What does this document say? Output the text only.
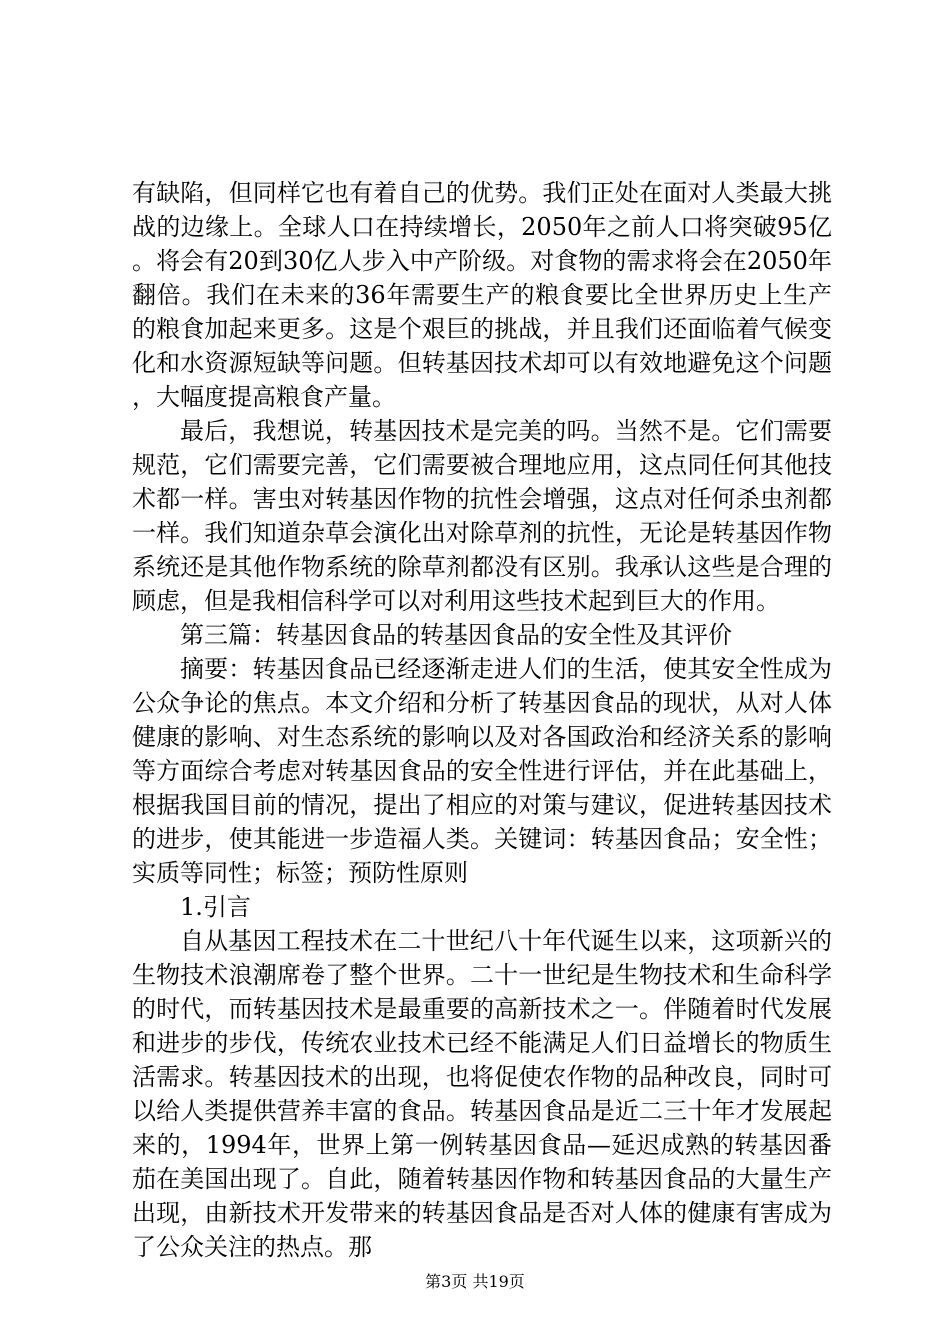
有缺陷，但同样它也有着自己的优势。我们正处在面对人类最大挑战的边缘上。全球人口在持续增长，2050年之前人口将突破95亿。将会有20到30亿人步入中产阶级。对食物的需求将会在2050年翻倍。我们在未来的36年需要生产的粮食要比全世界历史上生产的粮食加起来更多。这是个艰巨的挑战，并且我们还面临着气候变化和水资源短缺等问题。但转基因技术却可以有效地避免这个问题，大幅度提高粮食产量。

最后，我想说，转基因技术是完美的吗。当然不是。它们需要规范，它们需要完善，它们需要被合理地应用，这点同任何其他技术都一样。害虫对转基因作物的抗性会增强，这点对任何杀虫剂都一样。我们知道杂草会演化出对除草剂的抗性，无论是转基因作物系统还是其他作物系统的除草剂都没有区别。我承认这些是合理的顾虑，但是我相信科学可以对利用这些技术起到巨大的作用。

第三篇：转基因食品的转基因食品的安全性及其评价

摘要：转基因食品已经逐渐走进人们的生活，使其安全性成为公众争论的焦点。本文介绍和分析了转基因食品的现状，从对人体健康的影响、对生态系统的影响以及对各国政治和经济关系的影响等方面综合考虑对转基因食品的安全性进行评估，并在此基础上，根据我国目前的情况，提出了相应的对策与建议，促进转基因技术的进步，使其能进一步造福人类。关键词：转基因食品；安全性；实质等同性；标签；预防性原则

1.引言

自从基因工程技术在二十世纪八十年代诞生以来，这项新兴的生物技术浪潮席卷了整个世界。二十一世纪是生物技术和生命科学的时代，而转基因技术是最重要的高新技术之一。伴随着时代发展和进步的步伐，传统农业技术已经不能满足人们日益增长的物质生活需求。转基因技术的出现，也将促使农作物的品种改良，同时可以给人类提供营养丰富的食品。转基因食品是近二三十年才发展起来的，1994年，世界上第一例转基因食品—延迟成熟的转基因番茄在美国出现了。自此，随着转基因作物和转基因食品的大量生产出现，由新技术开发带来的转基因食品是否对人体的健康有害成为了公众关注的热点。那

第3页 共19页
